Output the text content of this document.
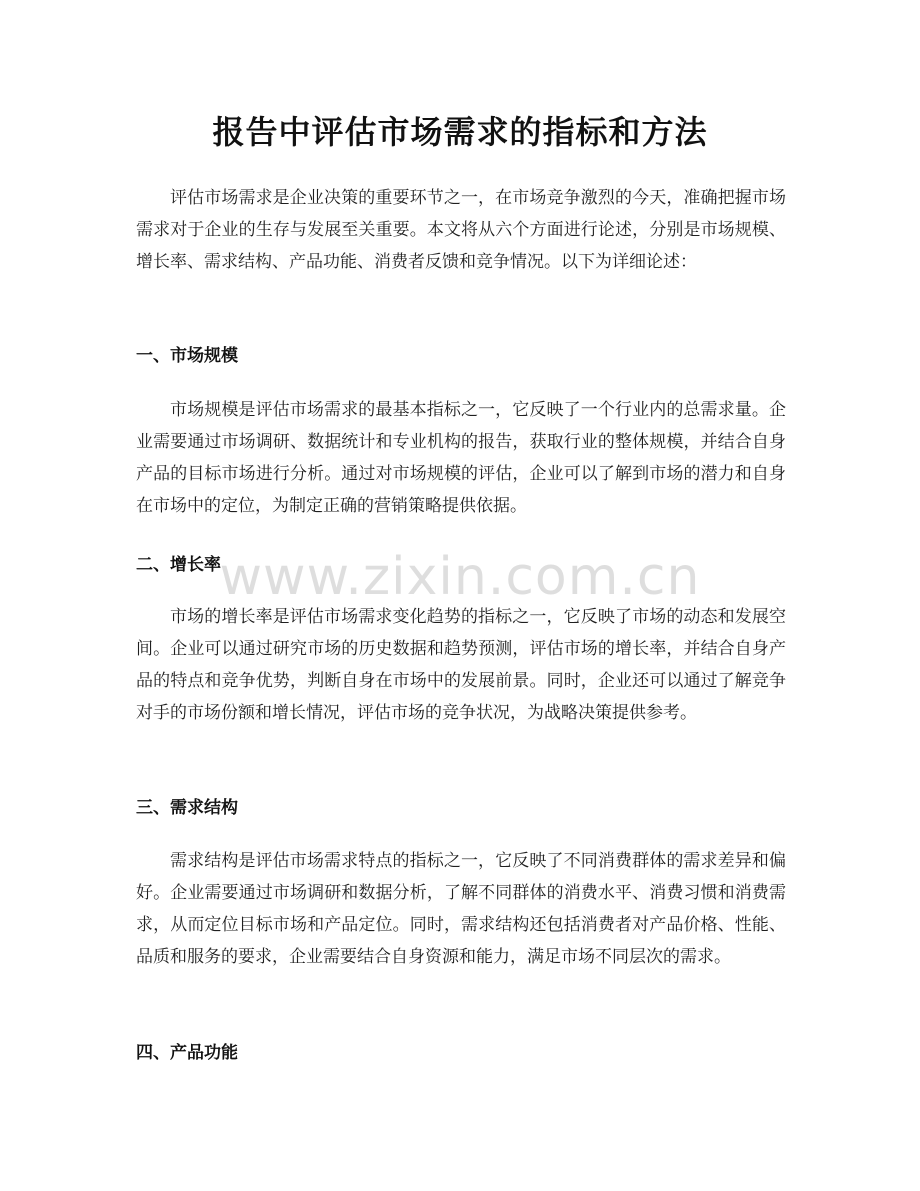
报告中评估市场需求的指标和方法

评估市场需求是企业决策的重要环节之一，在市场竞争激烈的今天，准确把握市场需求对于企业的生存与发展至关重要。本文将从六个方面进行论述，分别是市场规模、增长率、需求结构、产品功能、消费者反馈和竞争情况。以下为详细论述：

一、市场规模

市场规模是评估市场需求的最基本指标之一，它反映了一个行业内的总需求量。企业需要通过市场调研、数据统计和专业机构的报告，获取行业的整体规模，并结合自身产品的目标市场进行分析。通过对市场规模的评估，企业可以了解到市场的潜力和自身在市场中的定位，为制定正确的营销策略提供依据。

二、增长率

市场的增长率是评估市场需求变化趋势的指标之一，它反映了市场的动态和发展空间。企业可以通过研究市场的历史数据和趋势预测，评估市场的增长率，并结合自身产品的特点和竞争优势，判断自身在市场中的发展前景。同时，企业还可以通过了解竞争对手的市场份额和增长情况，评估市场的竞争状况，为战略决策提供参考。

三、需求结构

需求结构是评估市场需求特点的指标之一，它反映了不同消费群体的需求差异和偏好。企业需要通过市场调研和数据分析，了解不同群体的消费水平、消费习惯和消费需求，从而定位目标市场和产品定位。同时，需求结构还包括消费者对产品价格、性能、品质和服务的要求，企业需要结合自身资源和能力，满足市场不同层次的需求。

四、产品功能
www.zixin.com.cn
